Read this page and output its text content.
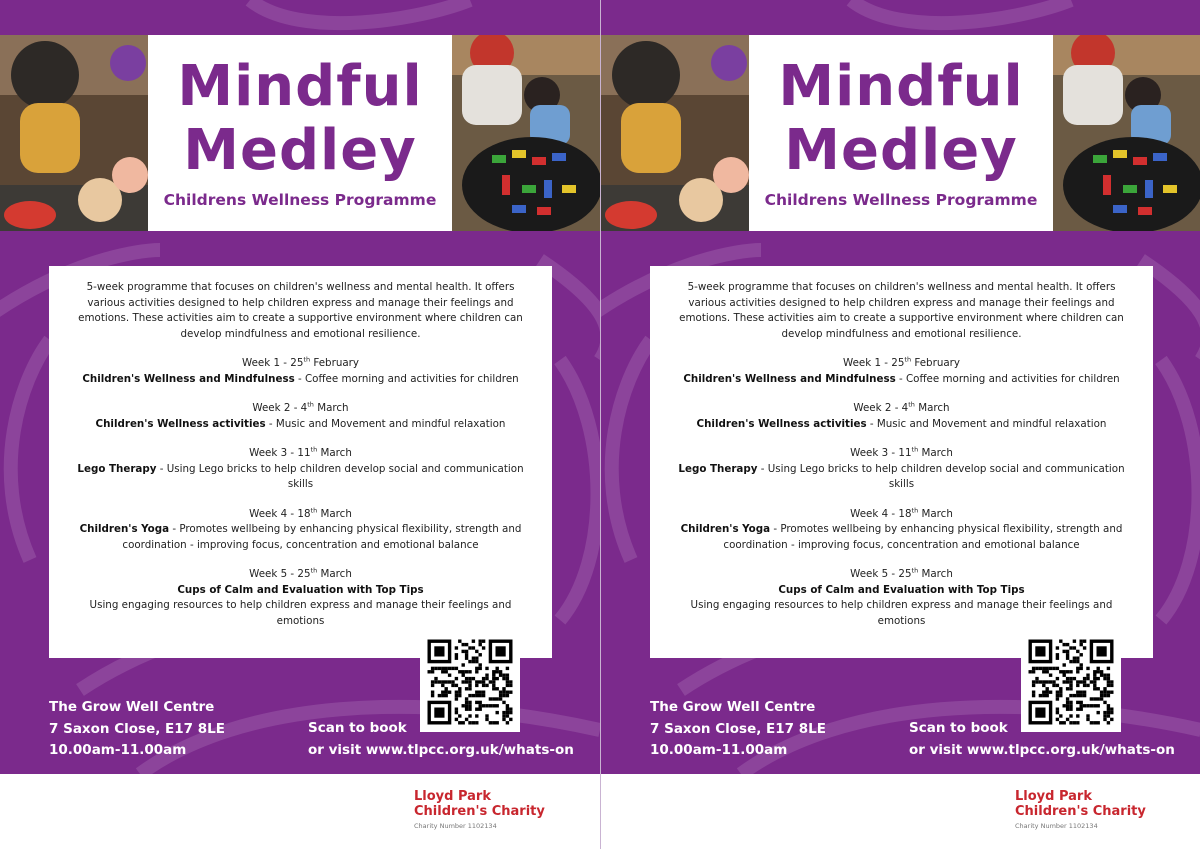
Mindful
Medley
Childrens Wellness Programme
5-week programme that focuses on children's wellness and mental health. It offers various activities designed to help children express and manage their feelings and emotions. These activities aim to create a supportive environment where children can develop mindfulness and emotional resilience.
Week 1 - 25th February
Children's Wellness and Mindfulness - Coffee morning and activities for children
Week 2 - 4th March
Children's Wellness activities - Music and Movement and mindful relaxation
Week 3 - 11th March
Lego Therapy - Using Lego bricks to help children develop social and communication skills
Week 4 - 18th March
Children's Yoga - Promotes wellbeing by enhancing physical flexibility, strength and coordination - improving focus, concentration and emotional balance
Week 5 - 25th March
Cups of Calm and Evaluation with Top Tips
Using engaging resources to help children express and manage their feelings and emotions
The Grow Well Centre
7 Saxon Close, E17 8LE
10.00am-11.00am
Scan to book
or visit www.tlpcc.org.uk/whats-on
Lloyd Park
Children's Charity
Charity Number 1102134
Mindful
Medley
Childrens Wellness Programme
5-week programme that focuses on children's wellness and mental health. It offers various activities designed to help children express and manage their feelings and emotions. These activities aim to create a supportive environment where children can develop mindfulness and emotional resilience.
Week 1 - 25th February
Children's Wellness and Mindfulness - Coffee morning and activities for children
Week 2 - 4th March
Children's Wellness activities - Music and Movement and mindful relaxation
Week 3 - 11th March
Lego Therapy - Using Lego bricks to help children develop social and communication skills
Week 4 - 18th March
Children's Yoga - Promotes wellbeing by enhancing physical flexibility, strength and coordination - improving focus, concentration and emotional balance
Week 5 - 25th March
Cups of Calm and Evaluation with Top Tips
Using engaging resources to help children express and manage their feelings and emotions
The Grow Well Centre
7 Saxon Close, E17 8LE
10.00am-11.00am
Scan to book
or visit www.tlpcc.org.uk/whats-on
Lloyd Park
Children's Charity
Charity Number 1102134
